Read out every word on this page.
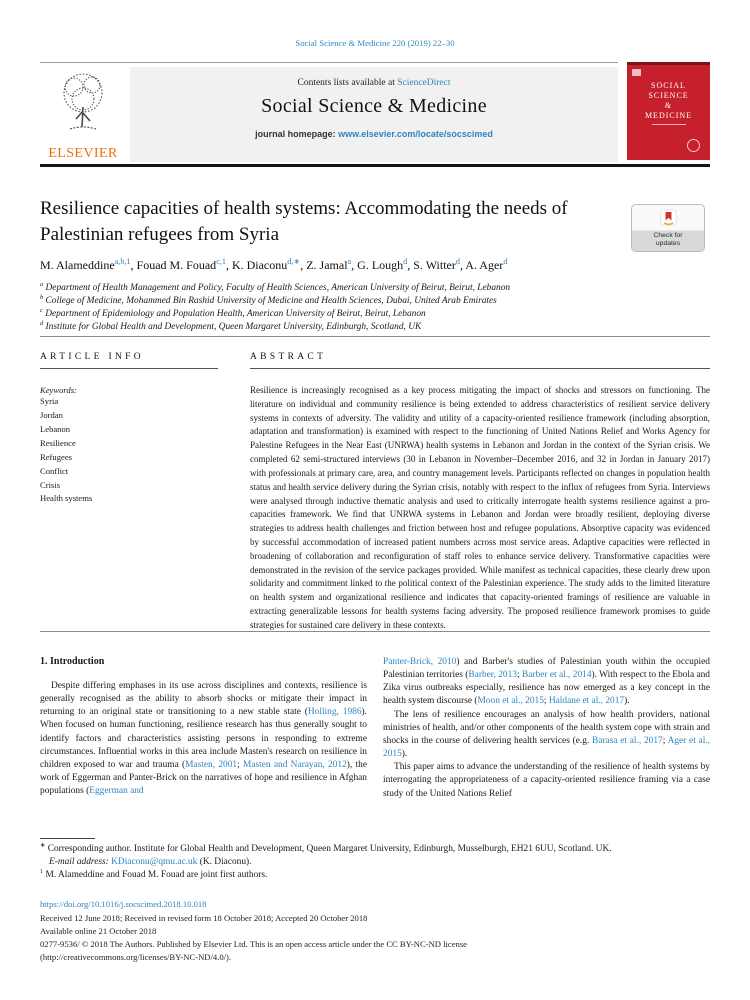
Social Science & Medicine 220 (2019) 22–30
ELSEVIER
Contents lists available at ScienceDirect
Social Science & Medicine
journal homepage: www.elsevier.com/locate/socscimed
SOCIAL
SCIENCE
&
MEDICINE
Resilience capacities of health systems: Accommodating the needs of Palestinian refugees from Syria	Check for
updates
M. Alameddine$^{a,b,1}$, Fouad M. Fouad$^{c,1}$, K. Diaconu$^{d,∗}$, Z. Jamal$^a$, G. Lough$^d$, S. Witter$^d$, A. Ager$^d$
$^a$ Department of Health Management and Policy, Faculty of Health Sciences, American University of Beirut, Beirut, Lebanon
$^b$ College of Medicine, Mohammed Bin Rashid University of Medicine and Health Sciences, Dubai, United Arab Emirates
$^c$ Department of Epidemiology and Population Health, American University of Beirut, Beirut, Lebanon
$^d$ Institute for Global Health and Development, Queen Margaret University, Edinburgh, Scotland, UK
ARTICLE INFO
Keywords:
Syria
Jordan
Lebanon
Resilience
Refugees
Conflict
Crisis
Health systems
ABSTRACT
Resilience is increasingly recognised as a key process mitigating the impact of shocks and stressors on functioning. The literature on individual and community resilience is being extended to address characteristics of resilient service delivery systems in contexts of adversity. The validity and utility of a capacity-oriented resilience framework (including absorption, adaptation and transformation) is examined with respect to the functioning of United Nations Relief and Works Agency for Palestine Refugees in the Near East (UNRWA) health systems in Lebanon and Jordan in the context of the Syrian crisis. We completed 62 semi-structured interviews (30 in Lebanon in November–December 2016, and 32 in Jordan in January 2017) with professionals at primary care, area, and country management levels. Participants reflected on changes in population health status and health service delivery during the Syrian crisis, notably with respect to the influx of refugees from Syria. Interviews were analysed through inductive thematic analysis and used to critically interrogate health systems resilience against a pro-capacities framework. We find that UNRWA systems in Lebanon and Jordan were broadly resilient, deploying diverse strategies to address health challenges and friction between host and refugee populations. Absorptive capacity was evidenced by successful accommodation of increased patient numbers across most service areas. Adaptive capacities were reflected in broadening of collaboration and reconfiguration of staff roles to enhance service delivery. Transformative capacities were demonstrated in the revision of the service packages provided. While manifest as technical capacities, these clearly drew upon solidarity and commitment linked to the political context of the Palestinian experience. The study adds to the limited literature on health system and organizational resilience and indicates that capacity-oriented framings of resilience are valuable in extracting generalizable lessons for health systems facing adversity. The proposed resilience framework promises to guide strategies for sustained care delivery in these contexts.
1. Introduction
Despite differing emphases in its use across disciplines and contexts, resilience is generally recognised as the ability to absorb shocks or mitigate their impact in returning to an original state or transitioning to a new stable state (Holling, 1986). When focused on human functioning, resilience research has thus generally sought to identify factors and characteristics assisting persons in responding to extreme circumstances. Influential works in this area include Masten's research on resilience in children exposed to war and trauma (Masten, 2001; Masten and Narayan, 2012), the work of Eggerman and Panter-Brick on the narratives of hope and resilience in Afghan populations (Eggerman and
Panter-Brick, 2010) and Barber's studies of Palestinian youth within the occupied Palestinian territories (Barber, 2013; Barber et al., 2014). With respect to the Ebola and Zika virus outbreaks especially, resilience has now emerged as a key concept in the health system discourse (Moon et al., 2015; Haldane et al., 2017).
The lens of resilience encourages an analysis of how health providers, national ministries of health, and/or other components of the health system cope with strain and shocks in the course of delivering health services (e.g. Barasa et al., 2017; Ager et al., 2015).
This paper aims to advance the understanding of the resilience of health systems by interrogating the appropriateness of a capacity-oriented resilience framing via a case study of the United Nations Relief
∗ Corresponding author. Institute for Global Health and Development, Queen Margaret University, Edinburgh, Musselburgh, EH21 6UU, Scotland. UK.
E-mail address: KDiaconu@qmu.ac.uk (K. Diaconu).
$^1$ M. Alameddine and Fouad M. Fouad are joint first authors.
https://doi.org/10.1016/j.socscimed.2018.10.018
Received 12 June 2018; Received in revised form 18 October 2018; Accepted 20 October 2018
Available online 21 October 2018
0277-9536/ © 2018 The Authors. Published by Elsevier Ltd. This is an open access article under the CC BY-NC-ND license
(http://creativecommons.org/licenses/BY-NC-ND/4.0/).
